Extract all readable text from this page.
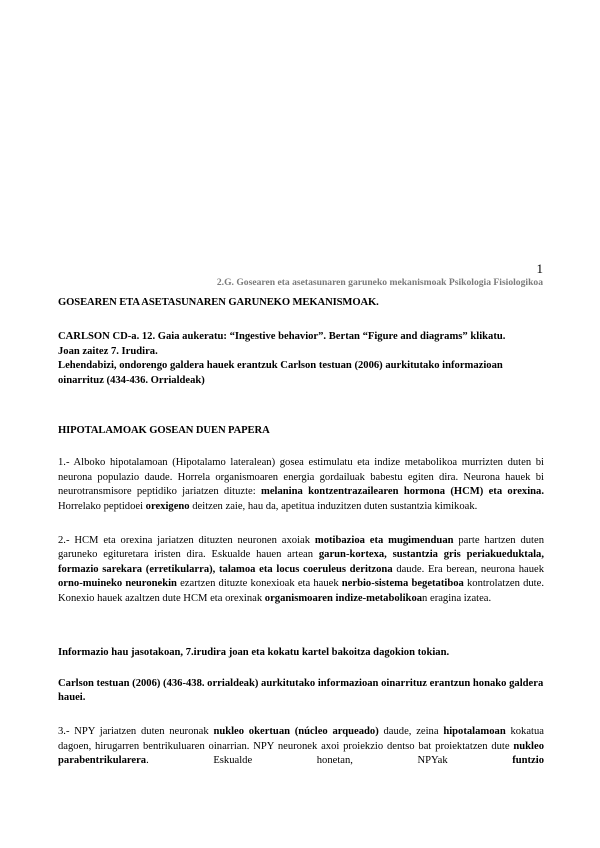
1
2.G. Gosearen eta asetasunaren garuneko mekanismoak Psikologia Fisiologikoa

GOSEAREN ETA ASETASUNAREN GARUNEKO MEKANISMOAK.

CARLSON CD-a. 12. Gaia aukeratu: “Ingestive behavior”. Bertan “Figure and diagrams” klikatu.

Joan zaitez 7. Irudira.

Lehendabizi, ondorengo galdera hauek erantzuk Carlson testuan (2006) aurkitutako informazioan oinarrituz (434-436. Orrialdeak)

HIPOTALAMOAK GOSEAN DUEN PAPERA

1.- Alboko hipotalamoan (Hipotalamo lateralean) gosea estimulatu eta indize metabolikoa murrizten duten bi neurona populazio daude. Horrela organismoaren energia gordailuak babestu egiten dira. Neurona hauek bi neurotransmisore peptidiko jariatzen dituzte: melanina kontzentrazailearen hormona (HCM) eta orexina. Horrelako peptidoei orexigeno deitzen zaie, hau da, apetitua induzitzen duten sustantzia kimikoak.

2.- HCM eta orexina jariatzen dituzten neuronen axoiak motibazioa eta mugimenduan parte hartzen duten garuneko egituretara iristen dira. Eskualde hauen artean garun-kortexa, sustantzia gris periakueduktala, formazio sarekara (erretikularra), talamoa eta locus coeruleus deritzona daude. Era berean, neurona hauek orno-muineko neuronekin ezartzen dituzte konexioak eta hauek nerbio-sistema begetatiboa kontrolatzen dute. Konexio hauek azaltzen dute HCM eta orexinak organismoaren indize-metabolikoan eragina izatea.

Informazio hau jasotakoan, 7.irudira joan eta kokatu kartel bakoitza dagokion tokian.

Carlson testuan (2006) (436-438. orrialdeak) aurkitutako informazioan oinarrituz erantzun honako galdera hauei.

3.- NPY jariatzen duten neuronak nukleo okertuan (núcleo arqueado) daude, zeina hipotalamoan kokatua dagoen, hirugarren bentrikuluaren oinarrian. NPY neuronek axoi proiekzio dentso bat proiektatzen dute nukleo parabentrikularera. Eskualde honetan, NPYak funtzio
